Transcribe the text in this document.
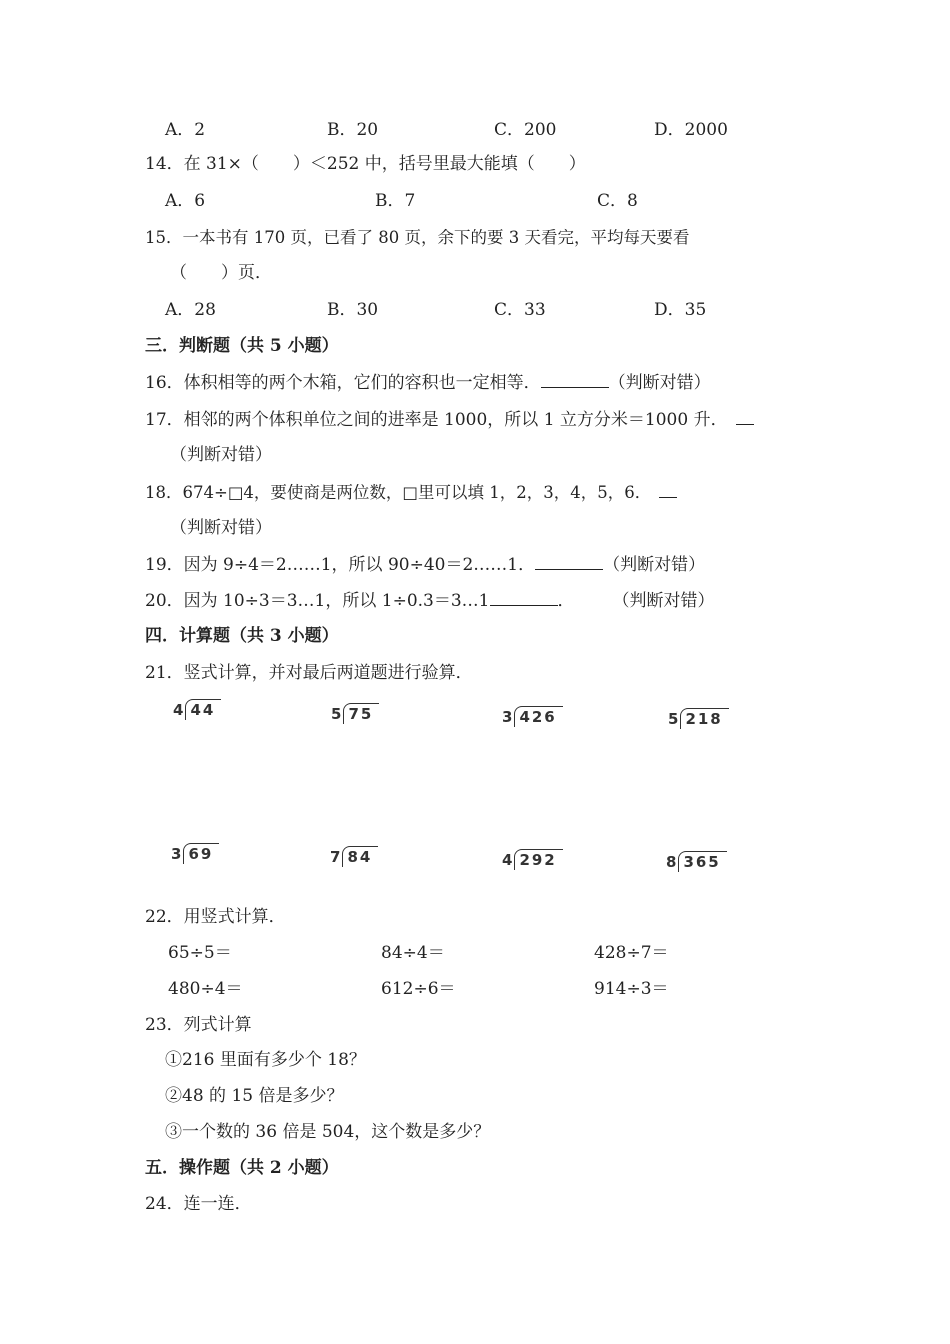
A．2	B．20	C．200	D．2000
14．在 31×（　　）＜252 中，括号里最大能填（　　）
A．6	B．7	C．8
15．一本书有 170 页，已看了 80 页，余下的要 3 天看完，平均每天要看
（　　）页．
A．28	B．30	C．33	D．35
三．判断题（共 5 小题）
16．体积相等的两个木箱，它们的容积也一定相等．	（判断对错）
17．相邻的两个体积单位之间的进率是 1000，所以 1 立方分米＝1000 升．
（判断对错）
18．674÷□4，要使商是两位数，□里可以填 1，2，3，4，5，6．
（判断对错）
19．因为 9÷4＝2……1，所以 90÷40＝2……1．	（判断对错）
20．因为 10÷3＝3…1，所以 1÷0.3＝3…1	． （判断对错）
四．计算题（共 3 小题）
21．竖式计算，并对最后两道题进行验算．
4 44	5 75	3 426	5 218
3 69	7 84	4 292	8 365
22．用竖式计算．
65÷5＝	84÷4＝	428÷7＝
480÷4＝	612÷6＝	914÷3＝
23．列式计算
①216 里面有多少个 18？
②48 的 15 倍是多少？
③一个数的 36 倍是 504，这个数是多少？
五．操作题（共 2 小题）
24．连一连．
